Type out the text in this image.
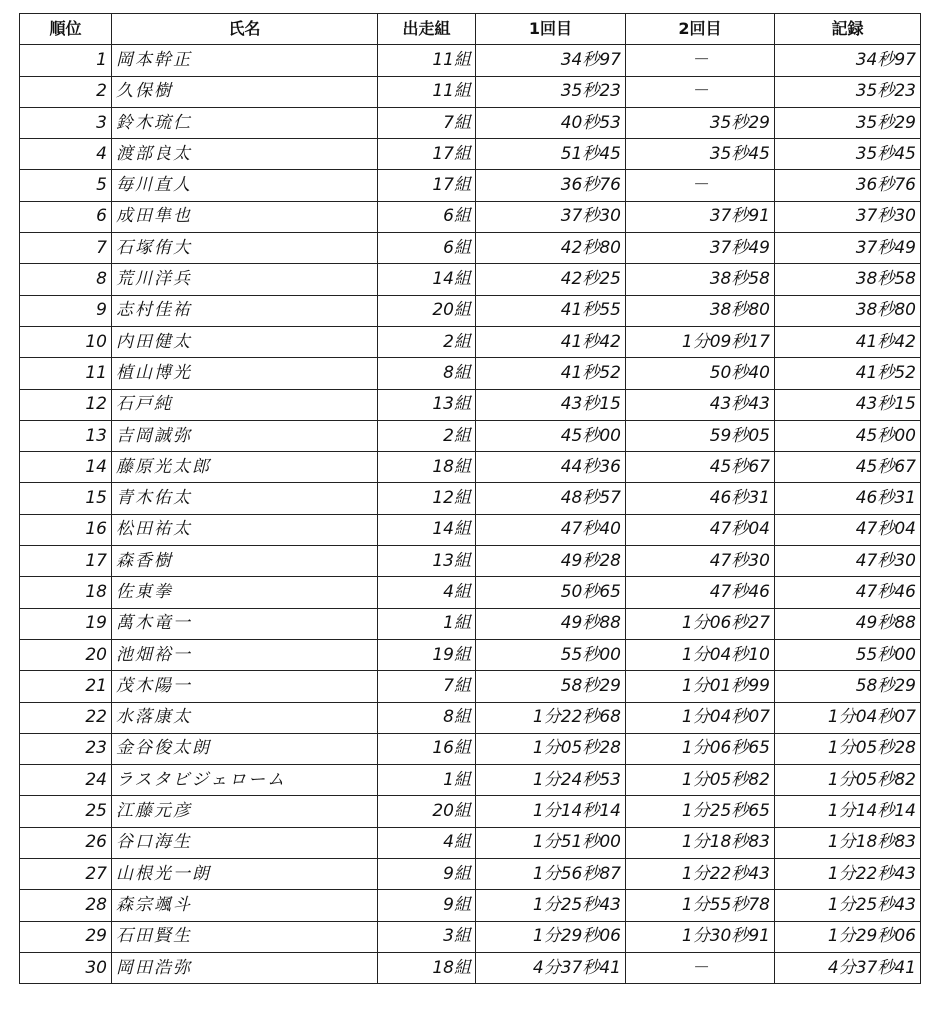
順位	氏名	出走組	1回目	2回目	記録
1	岡本幹正	11組	34秒97	－	34秒97
2	久保樹	11組	35秒23	－	35秒23
3	鈴木琉仁	7組	40秒53	35秒29	35秒29
4	渡部良太	17組	51秒45	35秒45	35秒45
5	毎川直人	17組	36秒76	－	36秒76
6	成田隼也	6組	37秒30	37秒91	37秒30
7	石塚侑大	6組	42秒80	37秒49	37秒49
8	荒川洋兵	14組	42秒25	38秒58	38秒58
9	志村佳祐	20組	41秒55	38秒80	38秒80
10	内田健太	2組	41秒42	1分09秒17	41秒42
11	植山博光	8組	41秒52	50秒40	41秒52
12	石戸純	13組	43秒15	43秒43	43秒15
13	吉岡誠弥	2組	45秒00	59秒05	45秒00
14	藤原光太郎	18組	44秒36	45秒67	45秒67
15	青木佑太	12組	48秒57	46秒31	46秒31
16	松田祐太	14組	47秒40	47秒04	47秒04
17	森香樹	13組	49秒28	47秒30	47秒30
18	佐東拳	4組	50秒65	47秒46	47秒46
19	萬木竜一	1組	49秒88	1分06秒27	49秒88
20	池畑裕一	19組	55秒00	1分04秒10	55秒00
21	茂木陽一	7組	58秒29	1分01秒99	58秒29
22	水落康太	8組	1分22秒68	1分04秒07	1分04秒07
23	金谷俊太朗	16組	1分05秒28	1分06秒65	1分05秒28
24	ラスタビジェローム	1組	1分24秒53	1分05秒82	1分05秒82
25	江藤元彦	20組	1分14秒14	1分25秒65	1分14秒14
26	谷口海生	4組	1分51秒00	1分18秒83	1分18秒83
27	山根光一朗	9組	1分56秒87	1分22秒43	1分22秒43
28	森宗颯斗	9組	1分25秒43	1分55秒78	1分25秒43
29	石田賢生	3組	1分29秒06	1分30秒91	1分29秒06
30	岡田浩弥	18組	4分37秒41	－	4分37秒41
